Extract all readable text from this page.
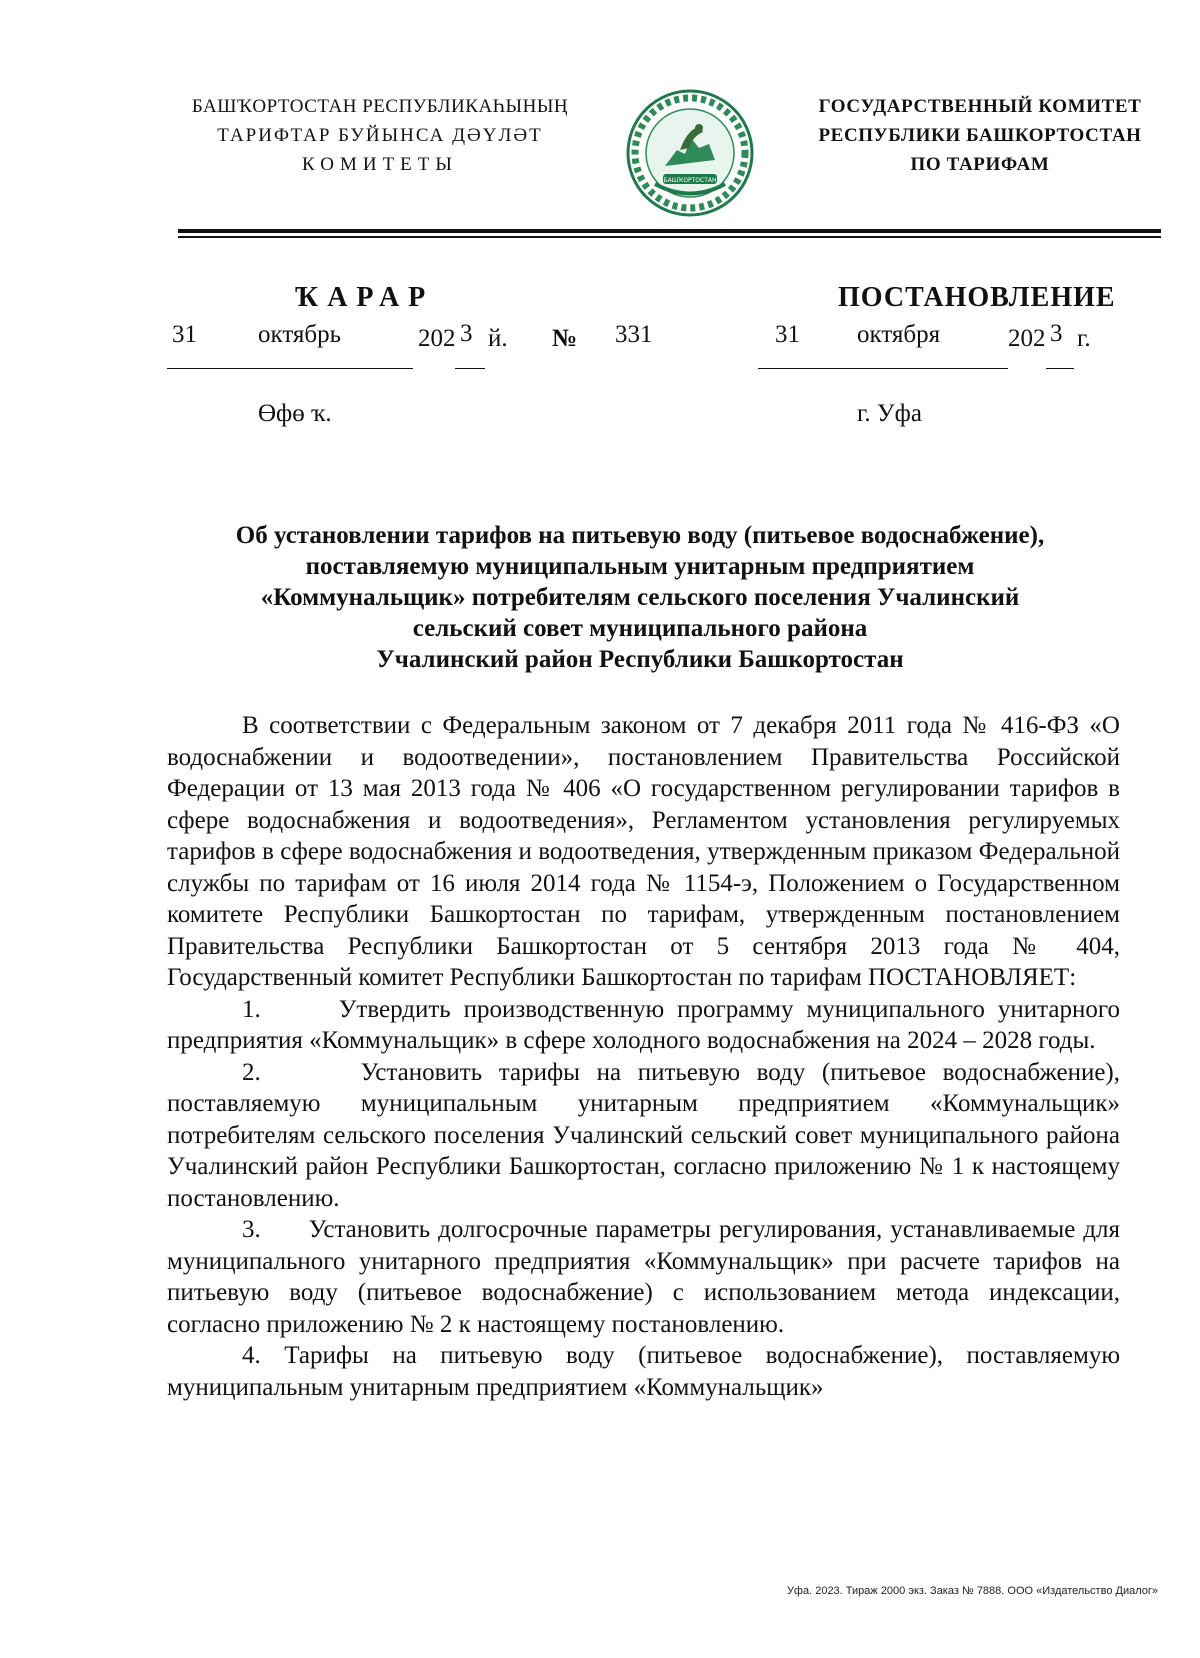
БАШҠОРТОСТАН РЕСПУБЛИКАҺЫНЫҢ
ТАРИФТАР БУЙЫНСА ДӘҮЛӘТ
КОМИТЕТЫ
БАШҠОРТОСТАН
ГОСУДАРСТВЕННЫЙ КОМИТЕТ
РЕСПУБЛИКИ БАШКОРТОСТАН
ПО ТАРИФАМ
ҠАРАР	ПОСТАНОВЛЕНИЕ
31 октябрь	202 3 й. № 331	31 октября	202 3 г.
Өфө ҡ.	г. Уфа
Об установлении тарифов на питьевую воду (питьевое водоснабжение),
поставляемую муниципальным унитарным предприятием
«Коммунальщик» потребителям сельского поселения Учалинский
сельский совет муниципального района
Учалинский район Республики Башкортостан

В соответствии с Федеральным законом от 7 декабря 2011 года № 416-ФЗ «О водоснабжении и водоотведении», постановлением Правительства Российской Федерации от 13 мая 2013 года № 406 «О государственном регулировании тарифов в сфере водоснабжения и водоотведения», Регламентом установления регулируемых тарифов в сфере водоснабжения и водоотведения, утвержденным приказом Федеральной службы по тарифам от 16 июля 2014 года № 1154-э, Положением о Государственном комитете Республики Башкортостан по тарифам, утвержденным постановлением Правительства Республики Башкортостан от 5 сентября 2013 года № 404, Государственный комитет Республики Башкортостан по тарифам ПОСТАНОВЛЯЕТ:

1.      Утвердить производственную программу муниципального унитарного предприятия «Коммунальщик» в сфере холодного водоснабжения на 2024 – 2028 годы.

2.      Установить тарифы на питьевую воду (питьевое водоснабжение), поставляемую муниципальным унитарным предприятием «Коммунальщик» потребителям сельского поселения Учалинский сельский совет муниципального района Учалинский район Республики Башкортостан, согласно приложению № 1 к настоящему постановлению.

3.      Установить долгосрочные параметры регулирования, устанавливаемые для муниципального унитарного предприятия «Коммунальщик» при расчете тарифов на питьевую воду (питьевое водоснабжение) с использованием метода индексации, согласно приложению № 2 к настоящему постановлению.

4. Тарифы на питьевую воду (питьевое водоснабжение), поставляемую муниципальным унитарным предприятием «Коммунальщик»

Уфа. 2023. Тираж 2000 экз. Заказ № 7888. ООО «Издательство Диалог»
